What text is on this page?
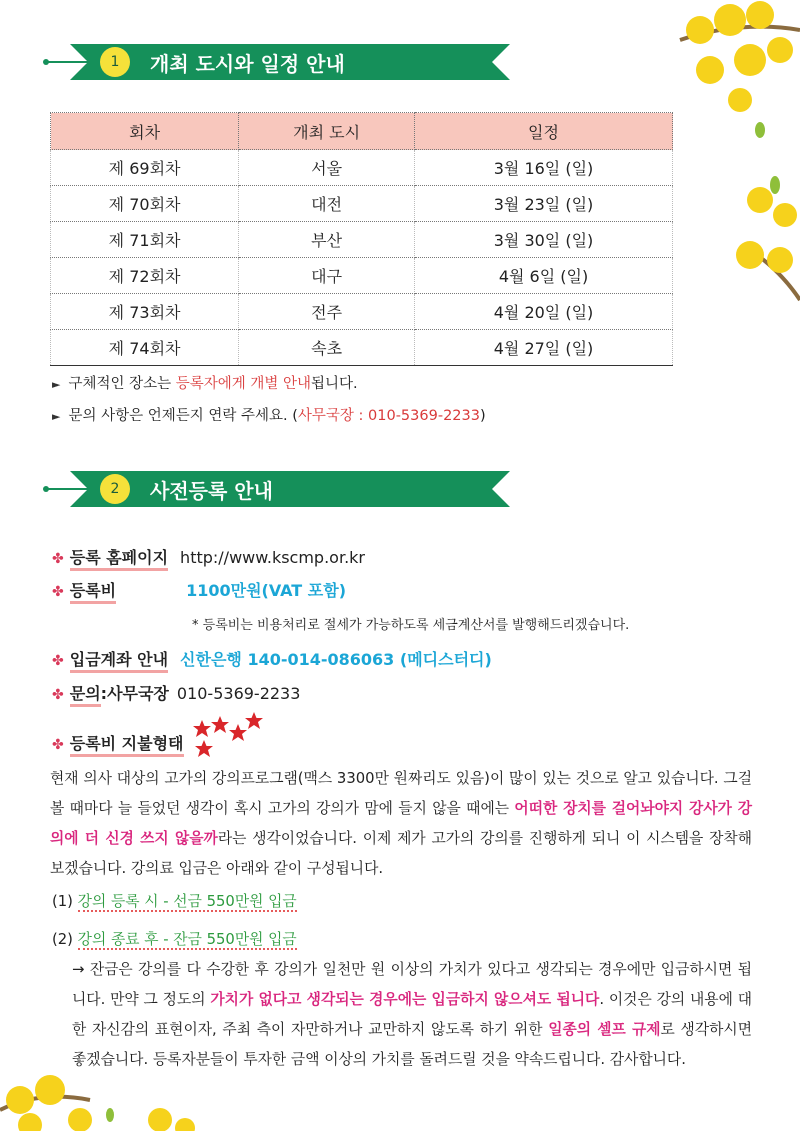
1	개최 도시와 일정 안내
회차	개최 도시	일정
제 69회차	서울	3월 16일 (일)
제 70회차	대전	3월 23일 (일)
제 71회차	부산	3월 30일 (일)
제 72회차	대구	4월 6일 (일)
제 73회차	전주	4월 20일 (일)
제 74회차	속초	4월 27일 (일)
► 구체적인 장소는 등록자에게 개별 안내됩니다.
► 문의 사항은 언제든지 연락 주세요. (사무국장 : 010-5369-2233)
2	사전등록 안내
✤ 등록 홈페이지 http://www.kscmp.or.kr
✤ 등록비	1100만원(VAT 포함)
* 등록비는 비용처리로 절세가 가능하도록 세금계산서를 발행해드리겠습니다.
✤ 입금계좌 안내 신한은행 140-014-086063 (메디스터디)
✤ 문의 : 사무국장 010-5369-2233
✤ 등록비 지불형태
현재 의사 대상의 고가의 강의프로그램(맥스 3300만 원짜리도 있음)이 많이 있는 것으로 알고 있습니다. 그걸 볼 때마다 늘 들었던 생각이 혹시 고가의 강의가 맘에 들지 않을 때에는 어떠한 장치를 걸어놔야지 강사가 강의에 더 신경 쓰지 않을까라는 생각이었습니다. 이제 제가 고가의 강의를 진행하게 되니 이 시스템을 장착해 보겠습니다. 강의료 입금은 아래와 같이 구성됩니다.
(1) 강의 등록 시 - 선금 550만원 입금
(2) 강의 종료 후 - 잔금 550만원 입금
→ 잔금은 강의를 다 수강한 후 강의가 일천만 원 이상의 가치가 있다고 생각되는 경우에만 입금하시면 됩니다. 만약 그 정도의 가치가 없다고 생각되는 경우에는 입금하지 않으셔도 됩니다. 이것은 강의 내용에 대한 자신감의 표현이자, 주최 측이 자만하거나 교만하지 않도록 하기 위한 일종의 셀프 규제로 생각하시면 좋겠습니다. 등록자분들이 투자한 금액 이상의 가치를 돌려드릴 것을 약속드립니다. 감사합니다.
